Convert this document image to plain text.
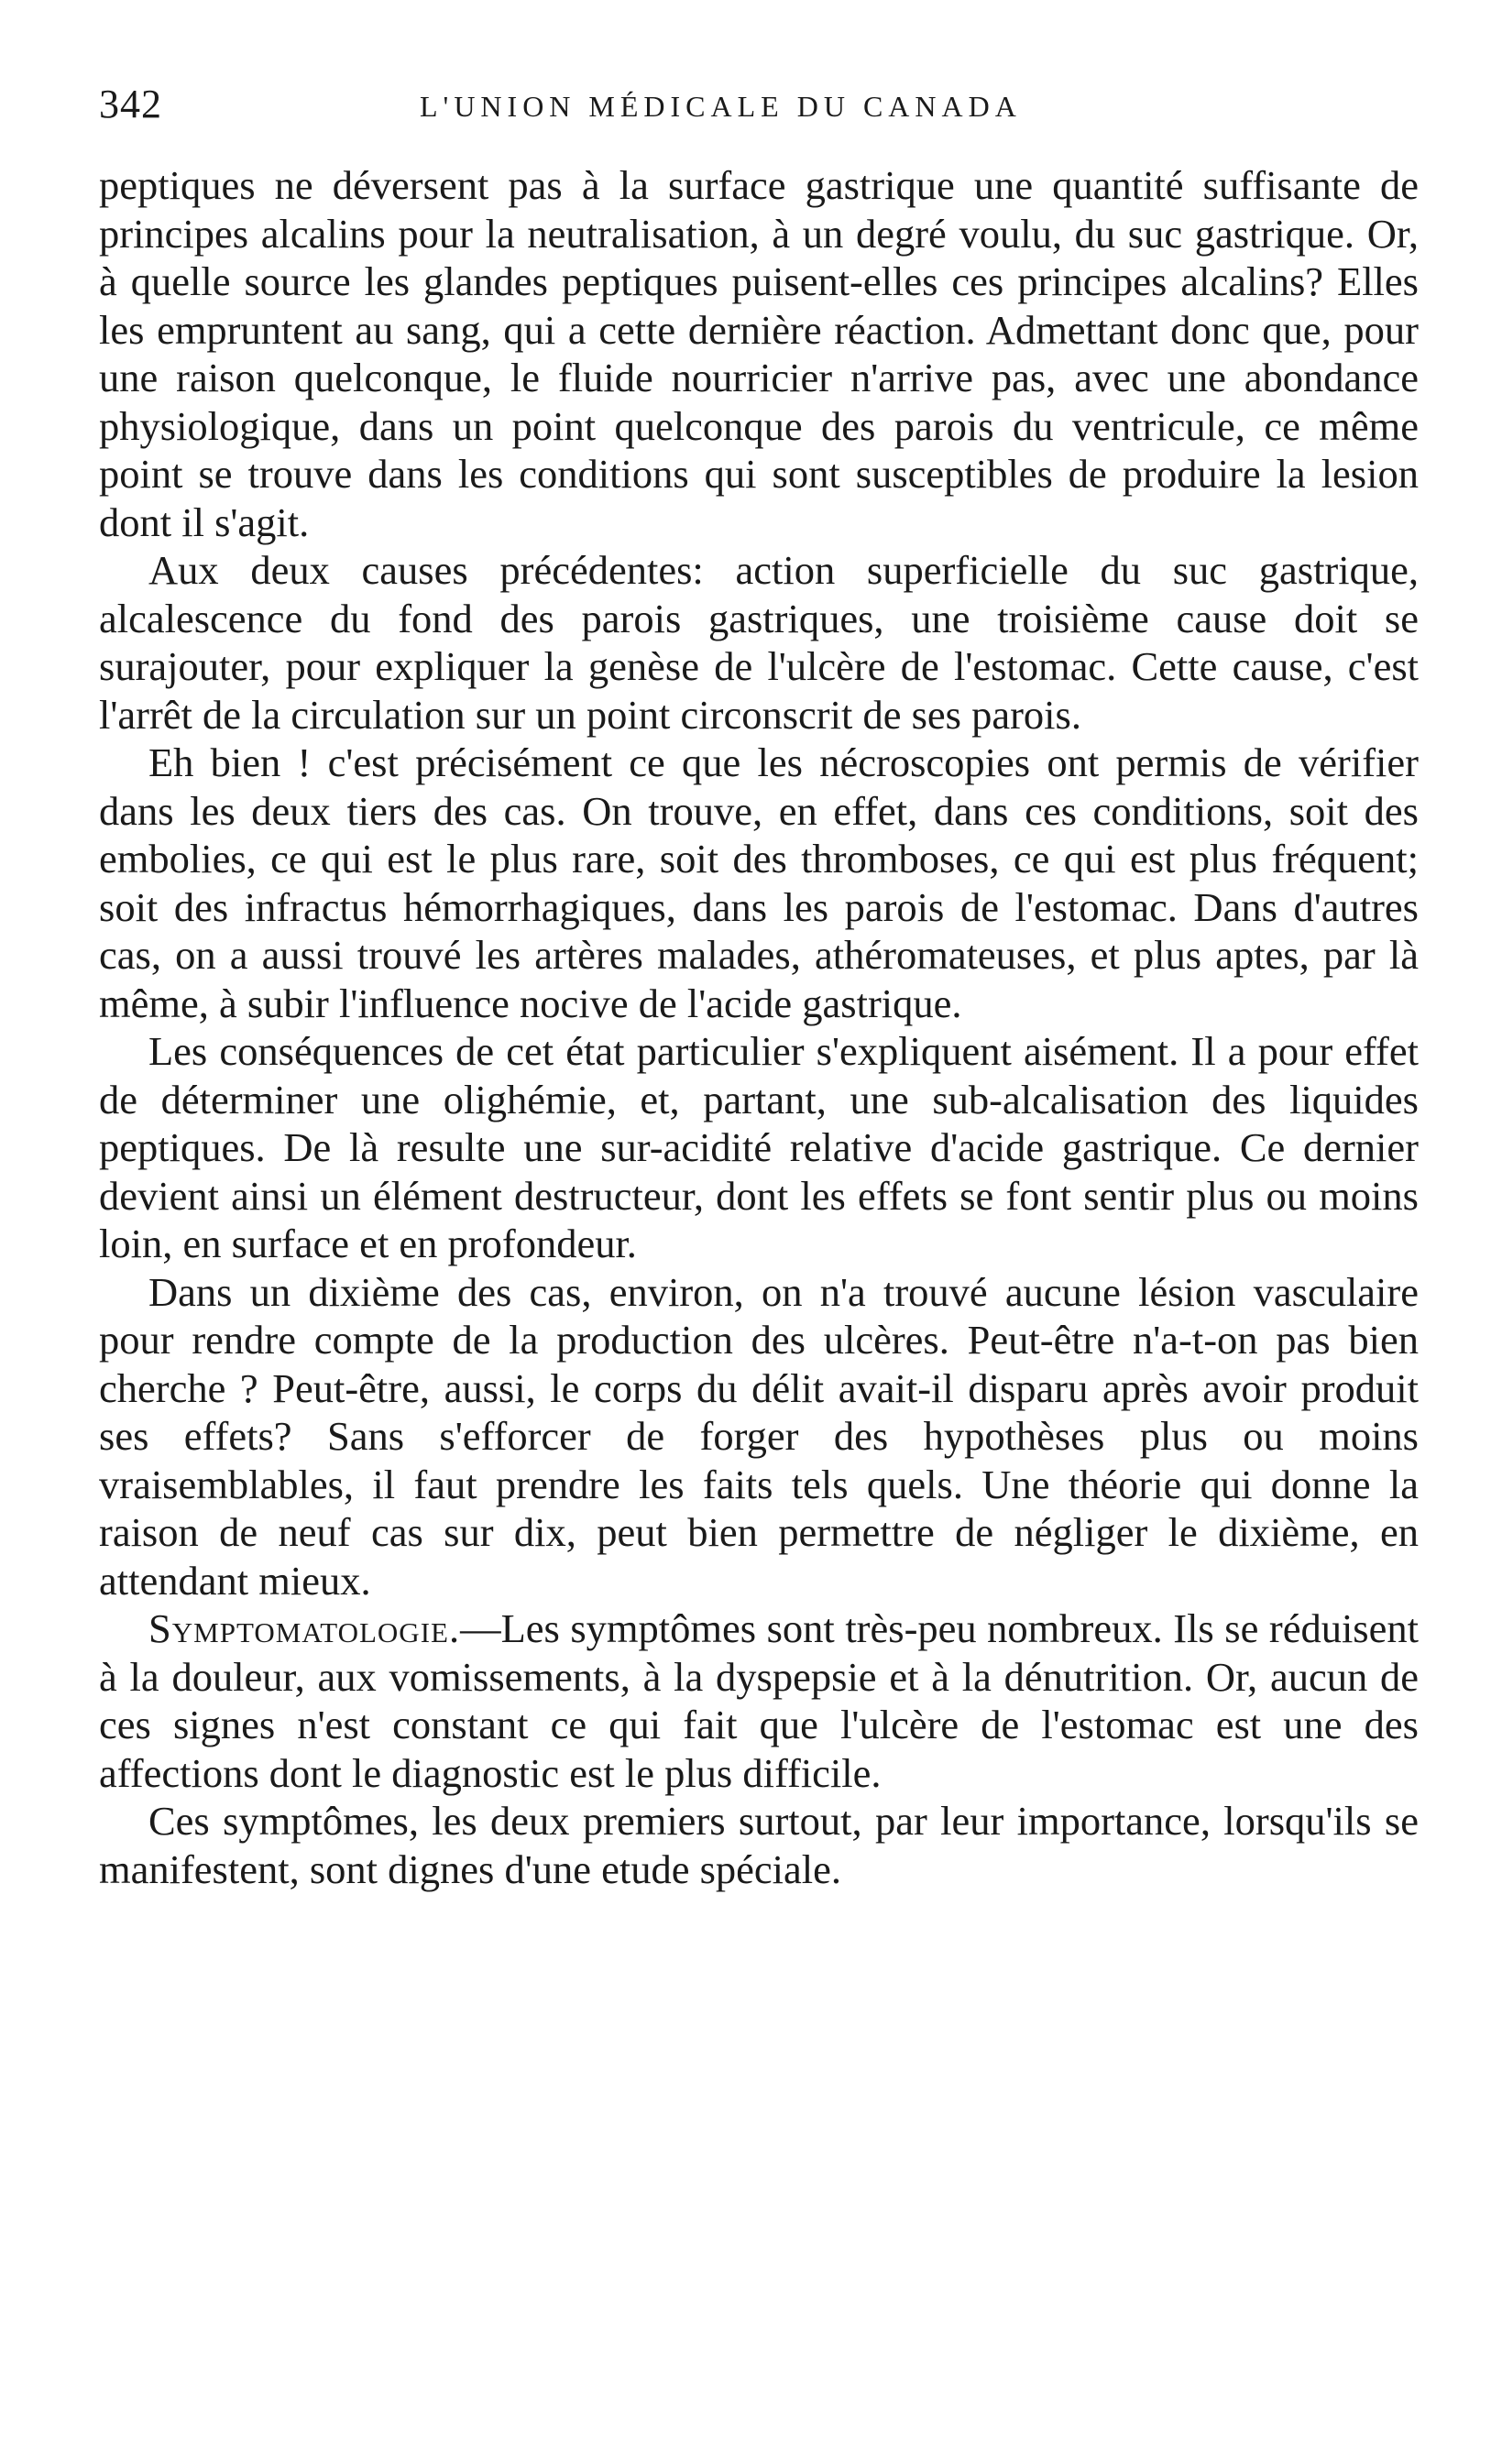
342	L'UNION MÉDICALE DU CANADA

peptiques ne déversent pas à la surface gastrique une quantité suffisante de principes alcalins pour la neutralisation, à un degré voulu, du suc gastrique. Or, à quelle source les glandes peptiques puisent-elles ces principes alcalins? Elles les empruntent au sang, qui a cette dernière réaction. Admettant donc que, pour une raison quelconque, le fluide nourricier n'arrive pas, avec une abondance physiologique, dans un point quelconque des parois du ventricule, ce même point se trouve dans les conditions qui sont susceptibles de produire la lesion dont il s'agit.

Aux deux causes précédentes: action superficielle du suc gastrique, alcalescence du fond des parois gastriques, une troisième cause doit se surajouter, pour expliquer la genèse de l'ulcère de l'estomac. Cette cause, c'est l'arrêt de la circulation sur un point circonscrit de ses parois.

Eh bien ! c'est précisément ce que les nécroscopies ont permis de vérifier dans les deux tiers des cas. On trouve, en effet, dans ces conditions, soit des embolies, ce qui est le plus rare, soit des thromboses, ce qui est plus fréquent; soit des infractus hémorrhagiques, dans les parois de l'estomac. Dans d'autres cas, on a aussi trouvé les artères malades, athéromateuses, et plus aptes, par là même, à subir l'influence nocive de l'acide gastrique.

Les conséquences de cet état particulier s'expliquent aisément. Il a pour effet de déterminer une olighémie, et, partant, une sub-alcalisation des liquides peptiques. De là resulte une sur-acidité relative d'acide gastrique. Ce dernier devient ainsi un élément destructeur, dont les effets se font sentir plus ou moins loin, en surface et en profondeur.

Dans un dixième des cas, environ, on n'a trouvé aucune lésion vasculaire pour rendre compte de la production des ulcères. Peut-être n'a-t-on pas bien cherche ? Peut-être, aussi, le corps du délit avait-il disparu après avoir produit ses effets? Sans s'efforcer de forger des hypothèses plus ou moins vraisemblables, il faut prendre les faits tels quels. Une théorie qui donne la raison de neuf cas sur dix, peut bien permettre de négliger le dixième, en attendant mieux.

Symptomatologie.—Les symptômes sont très-peu nombreux. Ils se réduisent à la douleur, aux vomissements, à la dyspepsie et à la dénutrition. Or, aucun de ces signes n'est constant ce qui fait que l'ulcère de l'estomac est une des affections dont le diagnostic est le plus difficile.

Ces symptômes, les deux premiers surtout, par leur importance, lorsqu'ils se manifestent, sont dignes d'une etude spéciale.
